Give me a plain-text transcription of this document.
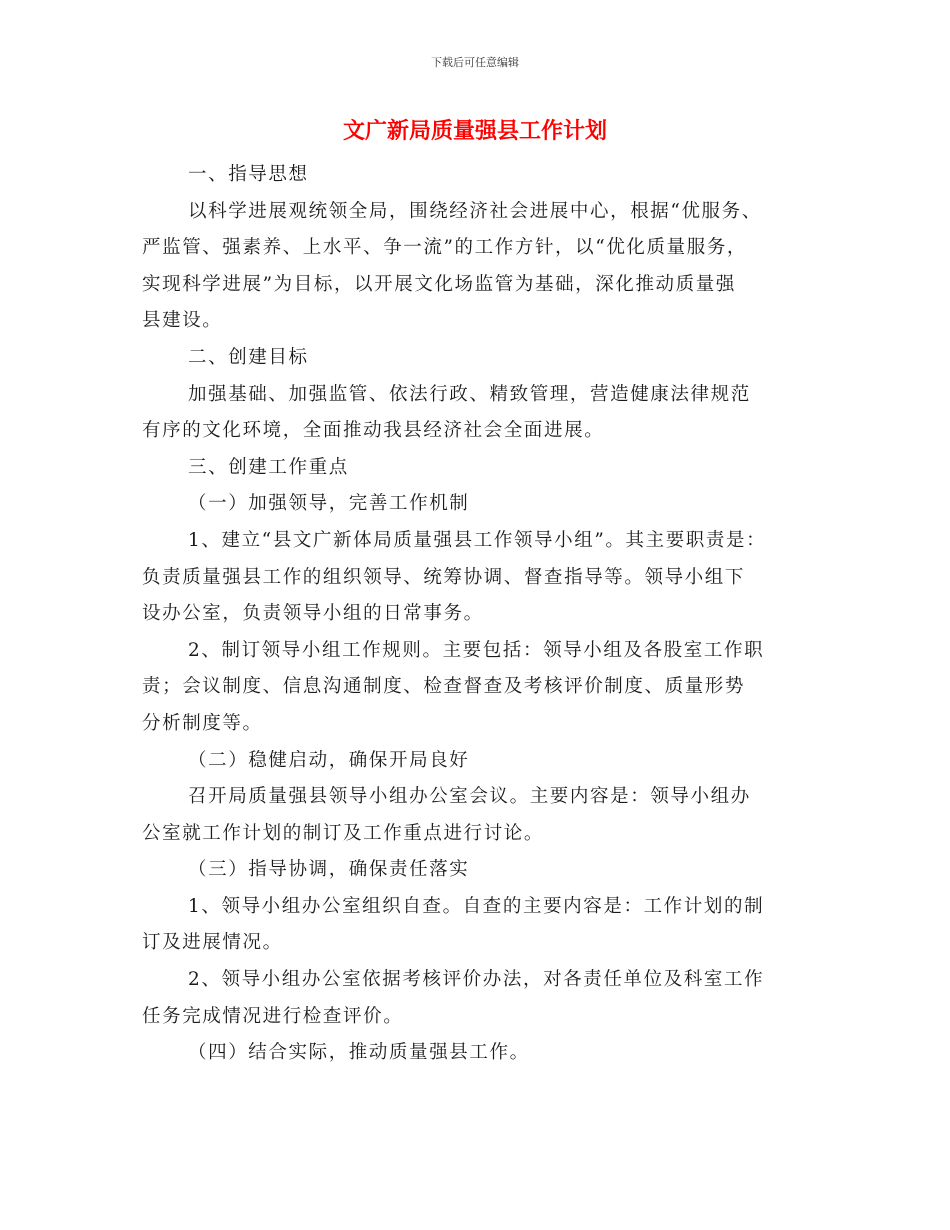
下载后可任意编辑
文广新局质量强县工作计划
一、指导思想
以科学进展观统领全局，围绕经济社会进展中心，根据“优服务、
严监管、强素养、上水平、争一流”的工作方针，以“优化质量服务，
实现科学进展”为目标，以开展文化场监管为基础，深化推动质量强
县建设。
二、创建目标
加强基础、加强监管、依法行政、精致管理，营造健康法律规范
有序的文化环境，全面推动我县经济社会全面进展。
三、创建工作重点
（一）加强领导，完善工作机制
1、建立“县文广新体局质量强县工作领导小组”。其主要职责是：
负责质量强县工作的组织领导、统筹协调、督查指导等。领导小组下
设办公室，负责领导小组的日常事务。
2、制订领导小组工作规则。主要包括：领导小组及各股室工作职
责；会议制度、信息沟通制度、检查督查及考核评价制度、质量形势
分析制度等。
（二）稳健启动，确保开局良好
召开局质量强县领导小组办公室会议。主要内容是：领导小组办
公室就工作计划的制订及工作重点进行讨论。
（三）指导协调，确保责任落实
1、领导小组办公室组织自查。自查的主要内容是：工作计划的制
订及进展情况。
2、领导小组办公室依据考核评价办法，对各责任单位及科室工作
任务完成情况进行检查评价。
（四）结合实际，推动质量强县工作。
